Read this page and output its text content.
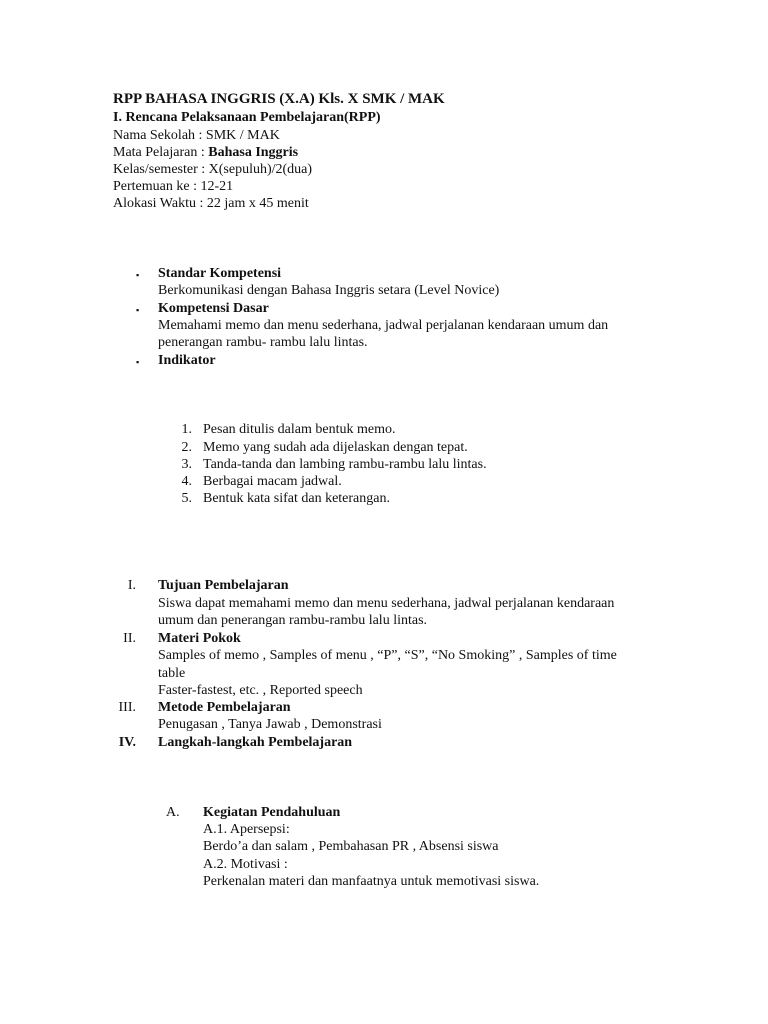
RPP BAHASA INGGRIS (X.A) Kls. X SMK / MAK
I. Rencana Pelaksanaan Pembelajaran(RPP)
Nama Sekolah : SMK / MAK
Mata Pelajaran : Bahasa Inggris
Kelas/semester : X(sepuluh)/2(dua)
Pertemuan ke : 12-21
Alokasi Waktu : 22 jam x 45 menit
▪ Standar Kompetensi
Berkomunikasi dengan Bahasa Inggris setara (Level Novice)
▪ Kompetensi Dasar
Memahami memo dan menu sederhana, jadwal perjalanan kendaraan umum dan
penerangan rambu- rambu lalu lintas.
▪ Indikator
1. Pesan ditulis dalam bentuk memo.
2. Memo yang sudah ada dijelaskan dengan tepat.
3. Tanda-tanda dan lambing rambu-rambu lalu lintas.
4. Berbagai macam jadwal.
5. Bentuk kata sifat dan keterangan.
I. Tujuan Pembelajaran
Siswa dapat memahami memo dan menu sederhana, jadwal perjalanan kendaraan
umum dan penerangan rambu-rambu lalu lintas.
II. Materi Pokok
Samples of memo , Samples of menu , “P”, “S”, “No Smoking” , Samples of time
table
Faster-fastest, etc. , Reported speech
III. Metode Pembelajaran
Penugasan , Tanya Jawab , Demonstrasi
IV. Langkah-langkah Pembelajaran
A. Kegiatan Pendahuluan
A.1. Apersepsi:
Berdo’a dan salam , Pembahasan PR , Absensi siswa
A.2. Motivasi :
Perkenalan materi dan manfaatnya untuk memotivasi siswa.
